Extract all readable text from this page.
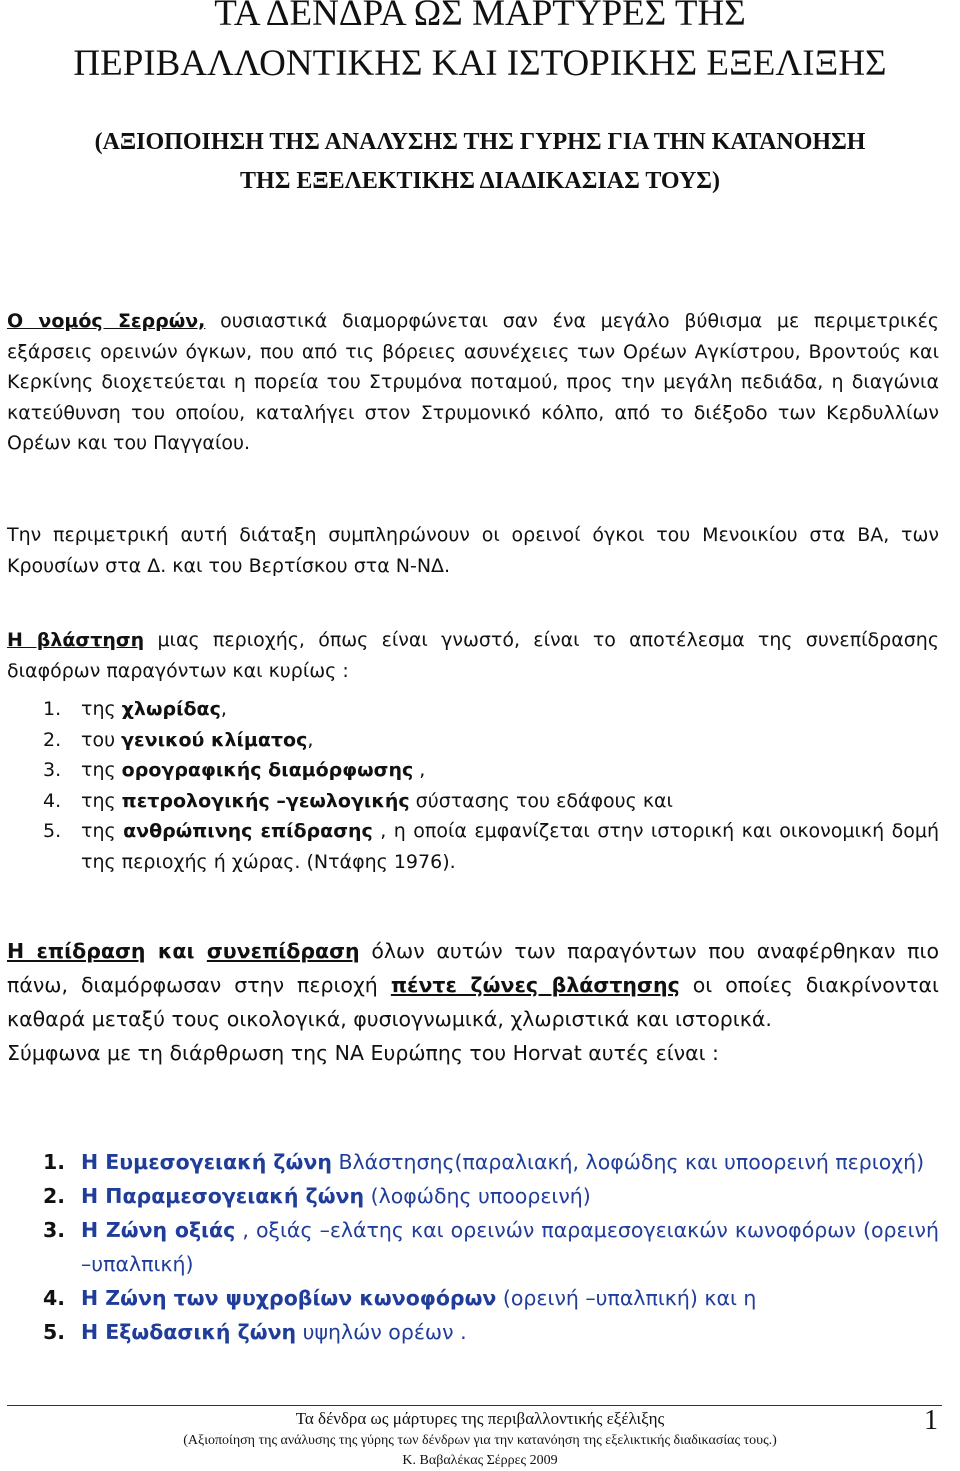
ΤΑ ΔΕΝΔΡΑ ΩΣ ΜΑΡΤΥΡΕΣ ΤΗΣ
ΠΕΡΙΒΑΛΛΟΝΤΙΚΗΣ ΚΑΙ ΙΣΤΟΡΙΚΗΣ ΕΞΕΛΙΞΗΣ
(ΑΞΙΟΠΟΙΗΣΗ ΤΗΣ ΑΝΑΛΥΣΗΣ ΤΗΣ ΓΥΡΗΣ ΓΙΑ ΤΗΝ ΚΑΤΑΝΟΗΣΗ
ΤΗΣ ΕΞΕΛΕΚΤΙΚΗΣ ΔΙΑΔΙΚΑΣΙΑΣ ΤΟΥΣ)

Ο νομός Σερρών, ουσιαστικά διαμορφώνεται σαν ένα μεγάλο βύθισμα με περιμετρικές εξάρσεις ορεινών όγκων, που από τις βόρειες ασυνέχειες των Ορέων Αγκίστρου, Βροντούς και Κερκίνης διοχετεύεται η πορεία του Στρυμόνα ποταμού, προς την μεγάλη πεδιάδα, η διαγώνια κατεύθυνση του οποίου, καταλήγει στον Στρυμονικό κόλπο, από το διέξοδο των Κερδυλλίων Ορέων και του Παγγαίου.

Την περιμετρική αυτή διάταξη συμπληρώνουν οι ορεινοί όγκοι του Μενοικίου στα ΒΑ, των Κρουσίων στα Δ. και του Βερτίσκου στα Ν-ΝΔ.

Η βλάστηση μιας περιοχής, όπως είναι γνωστό, είναι το αποτέλεσμα της συνεπίδρασης διαφόρων παραγόντων και κυρίως :

1. της χλωρίδας,
2. του γενικού κλίματος,
3. της ορογραφικής διαμόρφωσης ,
4. της πετρολογικής –γεωλογικής σύστασης του εδάφους και
5. της ανθρώπινης επίδρασης , η οποία εμφανίζεται στην ιστορική και οικονομική δομή της περιοχής ή χώρας. (Ντάφης 1976).

Η επίδραση και συνεπίδραση όλων αυτών των παραγόντων που αναφέρθηκαν πιο πάνω, διαμόρφωσαν στην περιοχή πέντε ζώνες βλάστησης οι οποίες διακρίνονται καθαρά μεταξύ τους οικολογικά, φυσιογνωμικά, χλωριστικά και ιστορικά.
Σύμφωνα με τη διάρθρωση της ΝΑ Ευρώπης του Horvat αυτές είναι :

1. Η Ευμεσογειακή ζώνη Βλάστησης(παραλιακή, λοφώδης και υποορεινή περιοχή)
2. Η Παραμεσογειακή ζώνη (λοφώδης υποορεινή)
3. Η Ζώνη οξιάς , οξιάς –ελάτης και ορεινών παραμεσογειακών κωνοφόρων (ορεινή –υπαλπική)
4. Η Ζώνη των ψυχροβίων κωνοφόρων (ορεινή –υπαλπική) και η
5. Η Εξωδασική ζώνη υψηλών ορέων .
Τα δένδρα ως μάρτυρες της περιβαλλοντικής εξέλιξης
(Αξιοποίηση της ανάλυσης της γύρης των δένδρων για την κατανόηση της εξελικτικής διαδικασίας τους.)
Κ. Βαβαλέκας Σέρρες 2009
1
